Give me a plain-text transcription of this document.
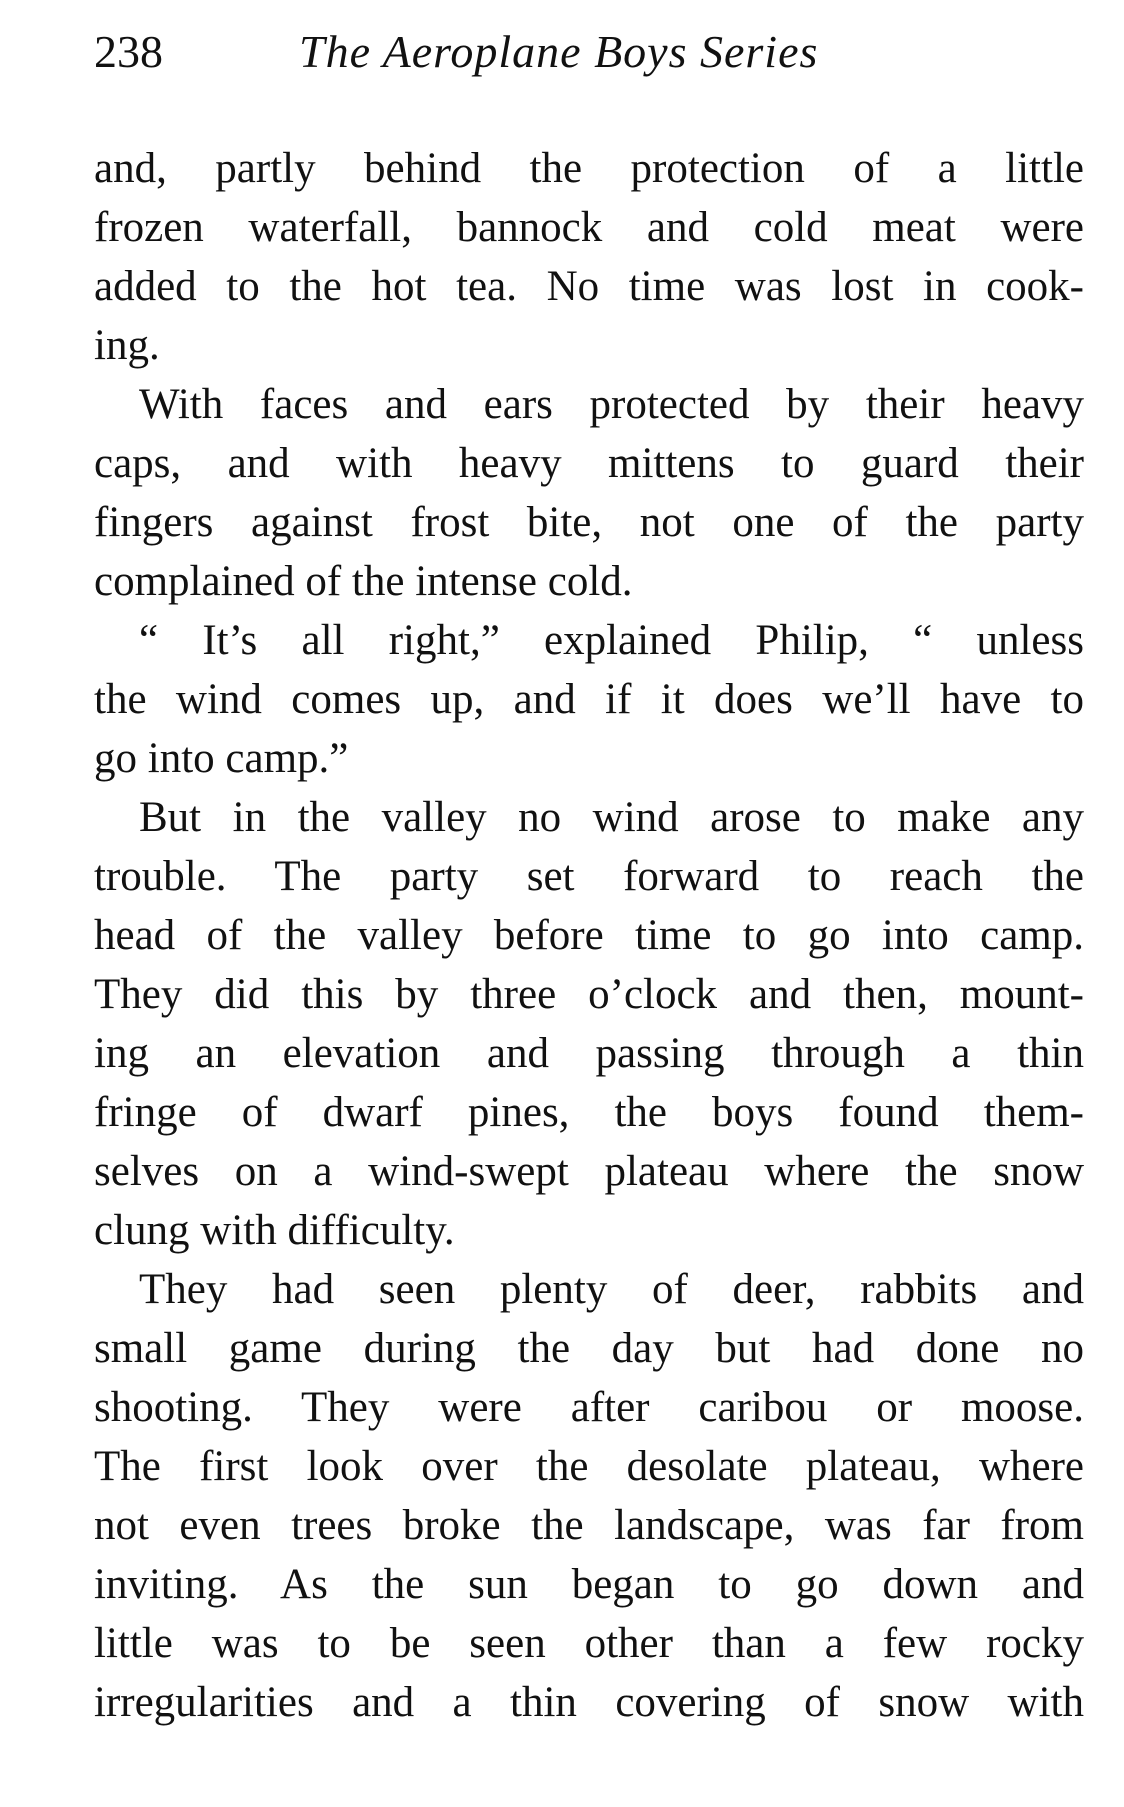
238	The Aeroplane Boys Series
and, partly behind the protection of a little
frozen waterfall, bannock and cold meat were
added to the hot tea. No time was lost in cook-
ing.
With faces and ears protected by their heavy
caps, and with heavy mittens to guard their
fingers against frost bite, not one of the party
complained of the intense cold.
“ It’s all right,” explained Philip, “ unless
the wind comes up, and if it does we’ll have to
go into camp.”
But in the valley no wind arose to make any
trouble. The party set forward to reach the
head of the valley before time to go into camp.
They did this by three o’clock and then, mount-
ing an elevation and passing through a thin
fringe of dwarf pines, the boys found them-
selves on a wind-swept plateau where the snow
clung with difficulty.
They had seen plenty of deer, rabbits and
small game during the day but had done no
shooting. They were after caribou or moose.
The first look over the desolate plateau, where
not even trees broke the landscape, was far from
inviting. As the sun began to go down and
little was to be seen other than a few rocky
irregularities and a thin covering of snow with
